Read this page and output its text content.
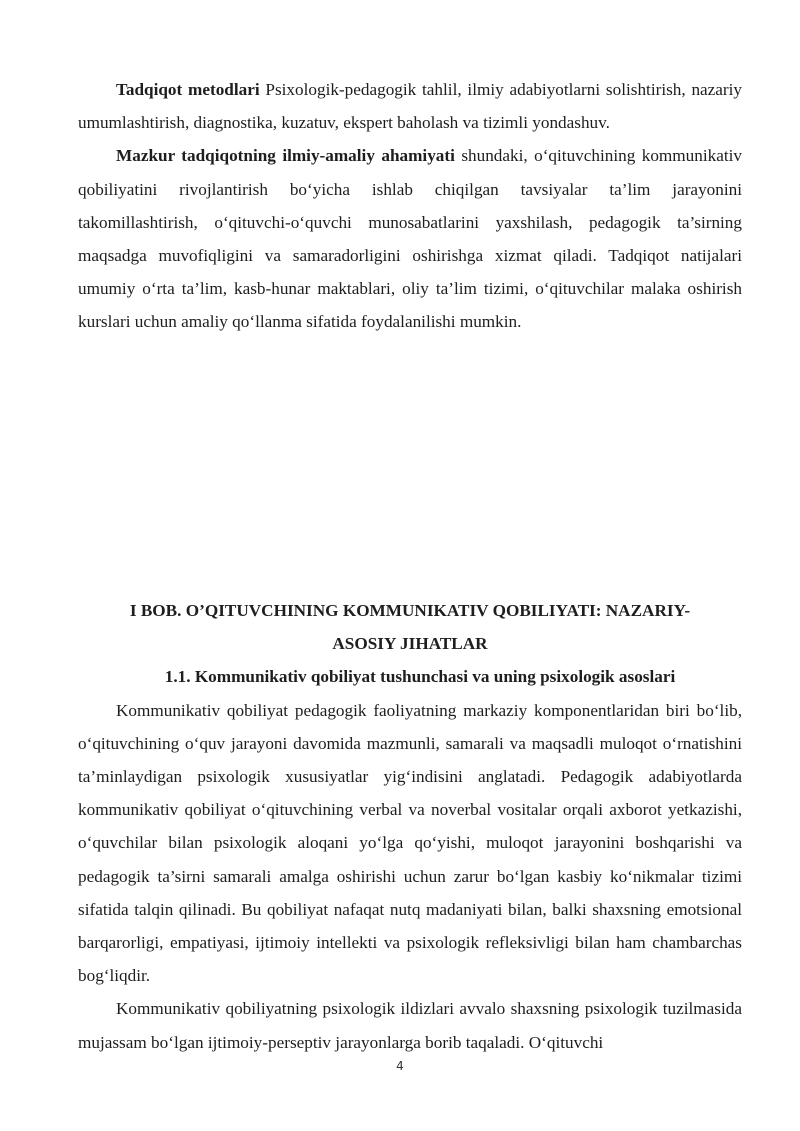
Tadqiqot metodlari Psixologik-pedagogik tahlil, ilmiy adabiyotlarni solishtirish, nazariy umumlashtirish, diagnostika, kuzatuv, ekspert baholash va tizimli yondashuv.

Mazkur tadqiqotning ilmiy-amaliy ahamiyati shundaki, o‘qituvchining kommunikativ qobiliyatini rivojlantirish bo‘yicha ishlab chiqilgan tavsiyalar ta’lim jarayonini takomillashtirish, o‘qituvchi-o‘quvchi munosabatlarini yaxshilash, pedagogik ta’sirning maqsadga muvofiqligini va samaradorligini oshirishga xizmat qiladi. Tadqiqot natijalari umumiy o‘rta ta’lim, kasb-hunar maktablari, oliy ta’lim tizimi, o‘qituvchilar malaka oshirish kurslari uchun amaliy qo‘llanma sifatida foydalanilishi mumkin.

I BOB. O’QITUVCHINING KOMMUNIKATIV QOBILIYATI: NAZARIY-
ASOSIY JIHATLAR
1.1. Kommunikativ qobiliyat tushunchasi va uning psixologik asoslari

Kommunikativ qobiliyat pedagogik faoliyatning markaziy komponentlaridan biri bo‘lib, o‘qituvchining o‘quv jarayoni davomida mazmunli, samarali va maqsadli muloqot o‘rnatishini ta’minlaydigan psixologik xususiyatlar yig‘indisini anglatadi. Pedagogik adabiyotlarda kommunikativ qobiliyat o‘qituvchining verbal va noverbal vositalar orqali axborot yetkazishi, o‘quvchilar bilan psixologik aloqani yo‘lga qo‘yishi, muloqot jarayonini boshqarishi va pedagogik ta’sirni samarali amalga oshirishi uchun zarur bo‘lgan kasbiy ko‘nikmalar tizimi sifatida talqin qilinadi. Bu qobiliyat nafaqat nutq madaniyati bilan, balki shaxsning emotsional barqarorligi, empatiyasi, ijtimoiy intellekti va psixologik refleksivligi bilan ham chambarchas bog‘liqdir.

Kommunikativ qobiliyatning psixologik ildizlari avvalo shaxsning psixologik tuzilmasida mujassam bo‘lgan ijtimoiy-perseptiv jarayonlarga borib taqaladi. O‘qituvchi

4
